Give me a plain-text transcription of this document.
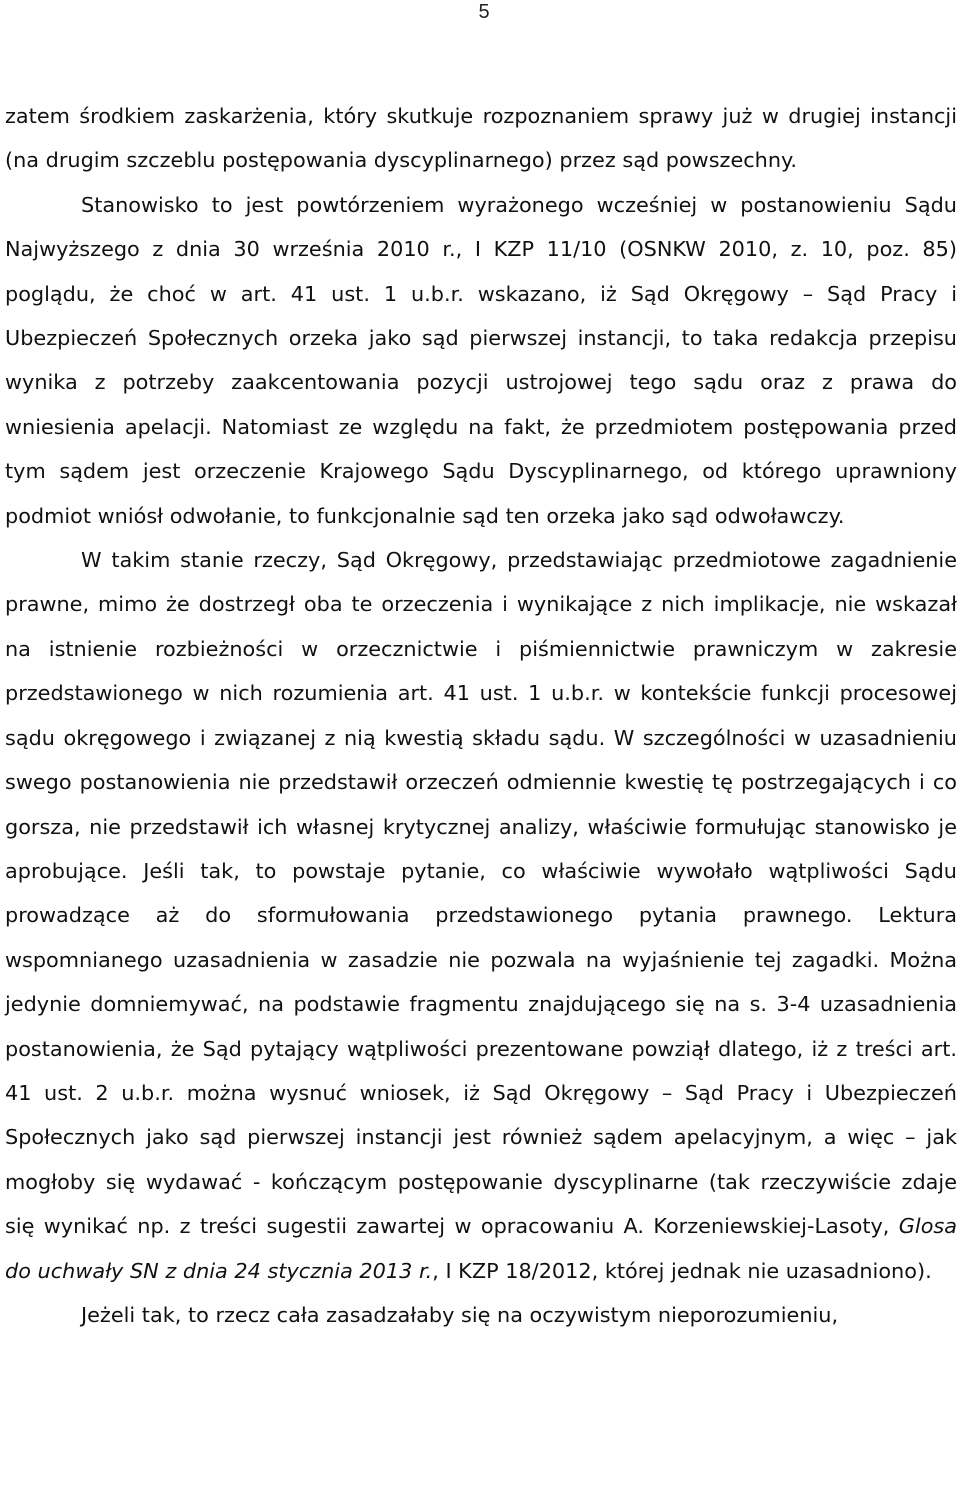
5

zatem środkiem zaskarżenia, który skutkuje rozpoznaniem sprawy już w drugiej instancji (na drugim szczeblu postępowania dyscyplinarnego) przez sąd powszechny.

Stanowisko to jest powtórzeniem wyrażonego wcześniej w postanowieniu Sądu Najwyższego z dnia 30 września 2010 r., I KZP 11/10 (OSNKW 2010, z. 10, poz. 85) poglądu, że choć w art. 41 ust. 1 u.b.r. wskazano, iż Sąd Okręgowy – Sąd Pracy i Ubezpieczeń Społecznych orzeka jako sąd pierwszej instancji, to taka redakcja przepisu wynika z potrzeby zaakcentowania pozycji ustrojowej tego sądu oraz z prawa do wniesienia apelacji. Natomiast ze względu na fakt, że przedmiotem postępowania przed tym sądem jest orzeczenie Krajowego Sądu Dyscyplinarnego, od którego uprawniony podmiot wniósł odwołanie, to funkcjonalnie sąd ten orzeka jako sąd odwoławczy.

W takim stanie rzeczy, Sąd Okręgowy, przedstawiając przedmiotowe zagadnienie prawne, mimo że dostrzegł oba te orzeczenia i wynikające z nich implikacje, nie wskazał na istnienie rozbieżności w orzecznictwie i piśmiennictwie prawniczym w zakresie przedstawionego w nich rozumienia art. 41 ust. 1 u.b.r. w kontekście funkcji procesowej sądu okręgowego i związanej z nią kwestią składu sądu. W szczególności w uzasadnieniu swego postanowienia nie przedstawił orzeczeń odmiennie kwestię tę postrzegających i co gorsza, nie przedstawił ich własnej krytycznej analizy, właściwie formułując stanowisko je aprobujące. Jeśli tak, to powstaje pytanie, co właściwie wywołało wątpliwości Sądu prowadzące aż do sformułowania przedstawionego pytania prawnego. Lektura wspomnianego uzasadnienia w zasadzie nie pozwala na wyjaśnienie tej zagadki. Można jedynie domniemywać, na podstawie fragmentu znajdującego się na s. 3-4 uzasadnienia postanowienia, że Sąd pytający wątpliwości prezentowane powziął dlatego, iż z treści art. 41 ust. 2 u.b.r. można wysnuć wniosek, iż Sąd Okręgowy – Sąd Pracy i Ubezpieczeń Społecznych jako sąd pierwszej instancji jest również sądem apelacyjnym, a więc – jak mogłoby się wydawać - kończącym postępowanie dyscyplinarne (tak rzeczywiście zdaje się wynikać np. z treści sugestii zawartej w opracowaniu A. Korzeniewskiej-Lasoty, Glosa do uchwały SN z dnia 24 stycznia 2013 r., I KZP 18/2012, której jednak nie uzasadniono).

Jeżeli tak, to rzecz cała zasadzałaby się na oczywistym nieporozumieniu,
